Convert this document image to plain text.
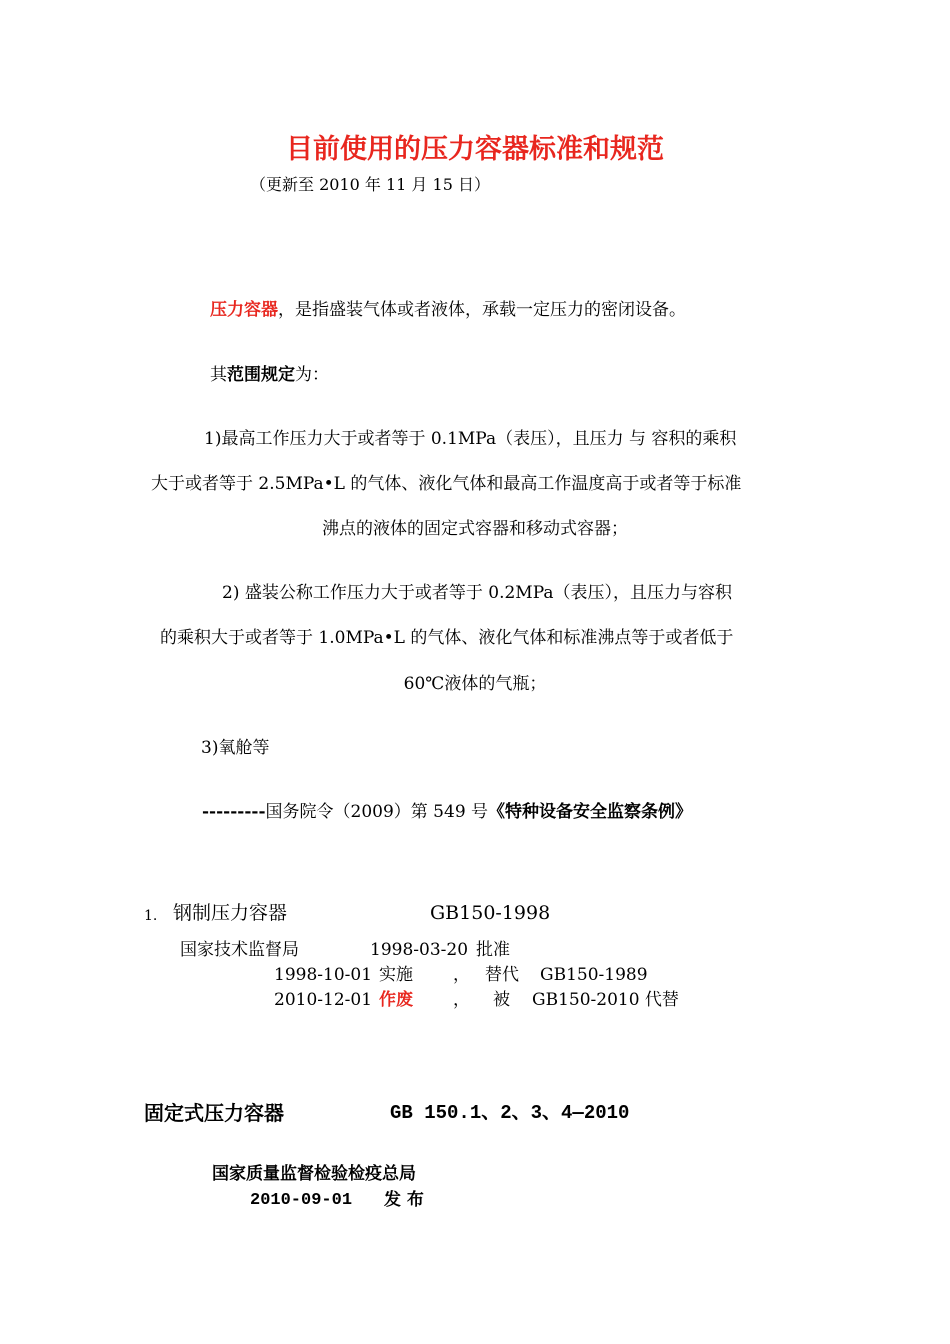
目前使用的压力容器标准和规范
（更新至 2010 年 11 月 15 日）
压力容器，是指盛装气体或者液体，承载一定压力的密闭设备。
其范围规定为：
1)最高工作压力大于或者等于 0.1MPa（表压），且压力 与 容积的乘积
大于或者等于 2.5MPa•L 的气体、液化气体和最高工作温度高于或者等于标准
沸点的液体的固定式容器和移动式容器；
2) 盛装公称工作压力大于或者等于 0.2MPa（表压），且压力与容积
的乘积大于或者等于 1.0MPa•L 的气体、液化气体和标准沸点等于或者低于
60℃液体的气瓶；
3)氧舱等
---------国务院令（2009）第 549 号《特种设备安全监察条例》
1. 钢制压力容器	GB150-1998
国家技术监督局	1998-03-20 批准
1998-10-01 实施 ， 替代 GB150-1989
2010-12-01 作废 ， 被 GB150-2010 代替
固定式压力容器	GB 150.1、2、3、4—2010
国家质量监督检验检疫总局
2010-09-01 发 布
